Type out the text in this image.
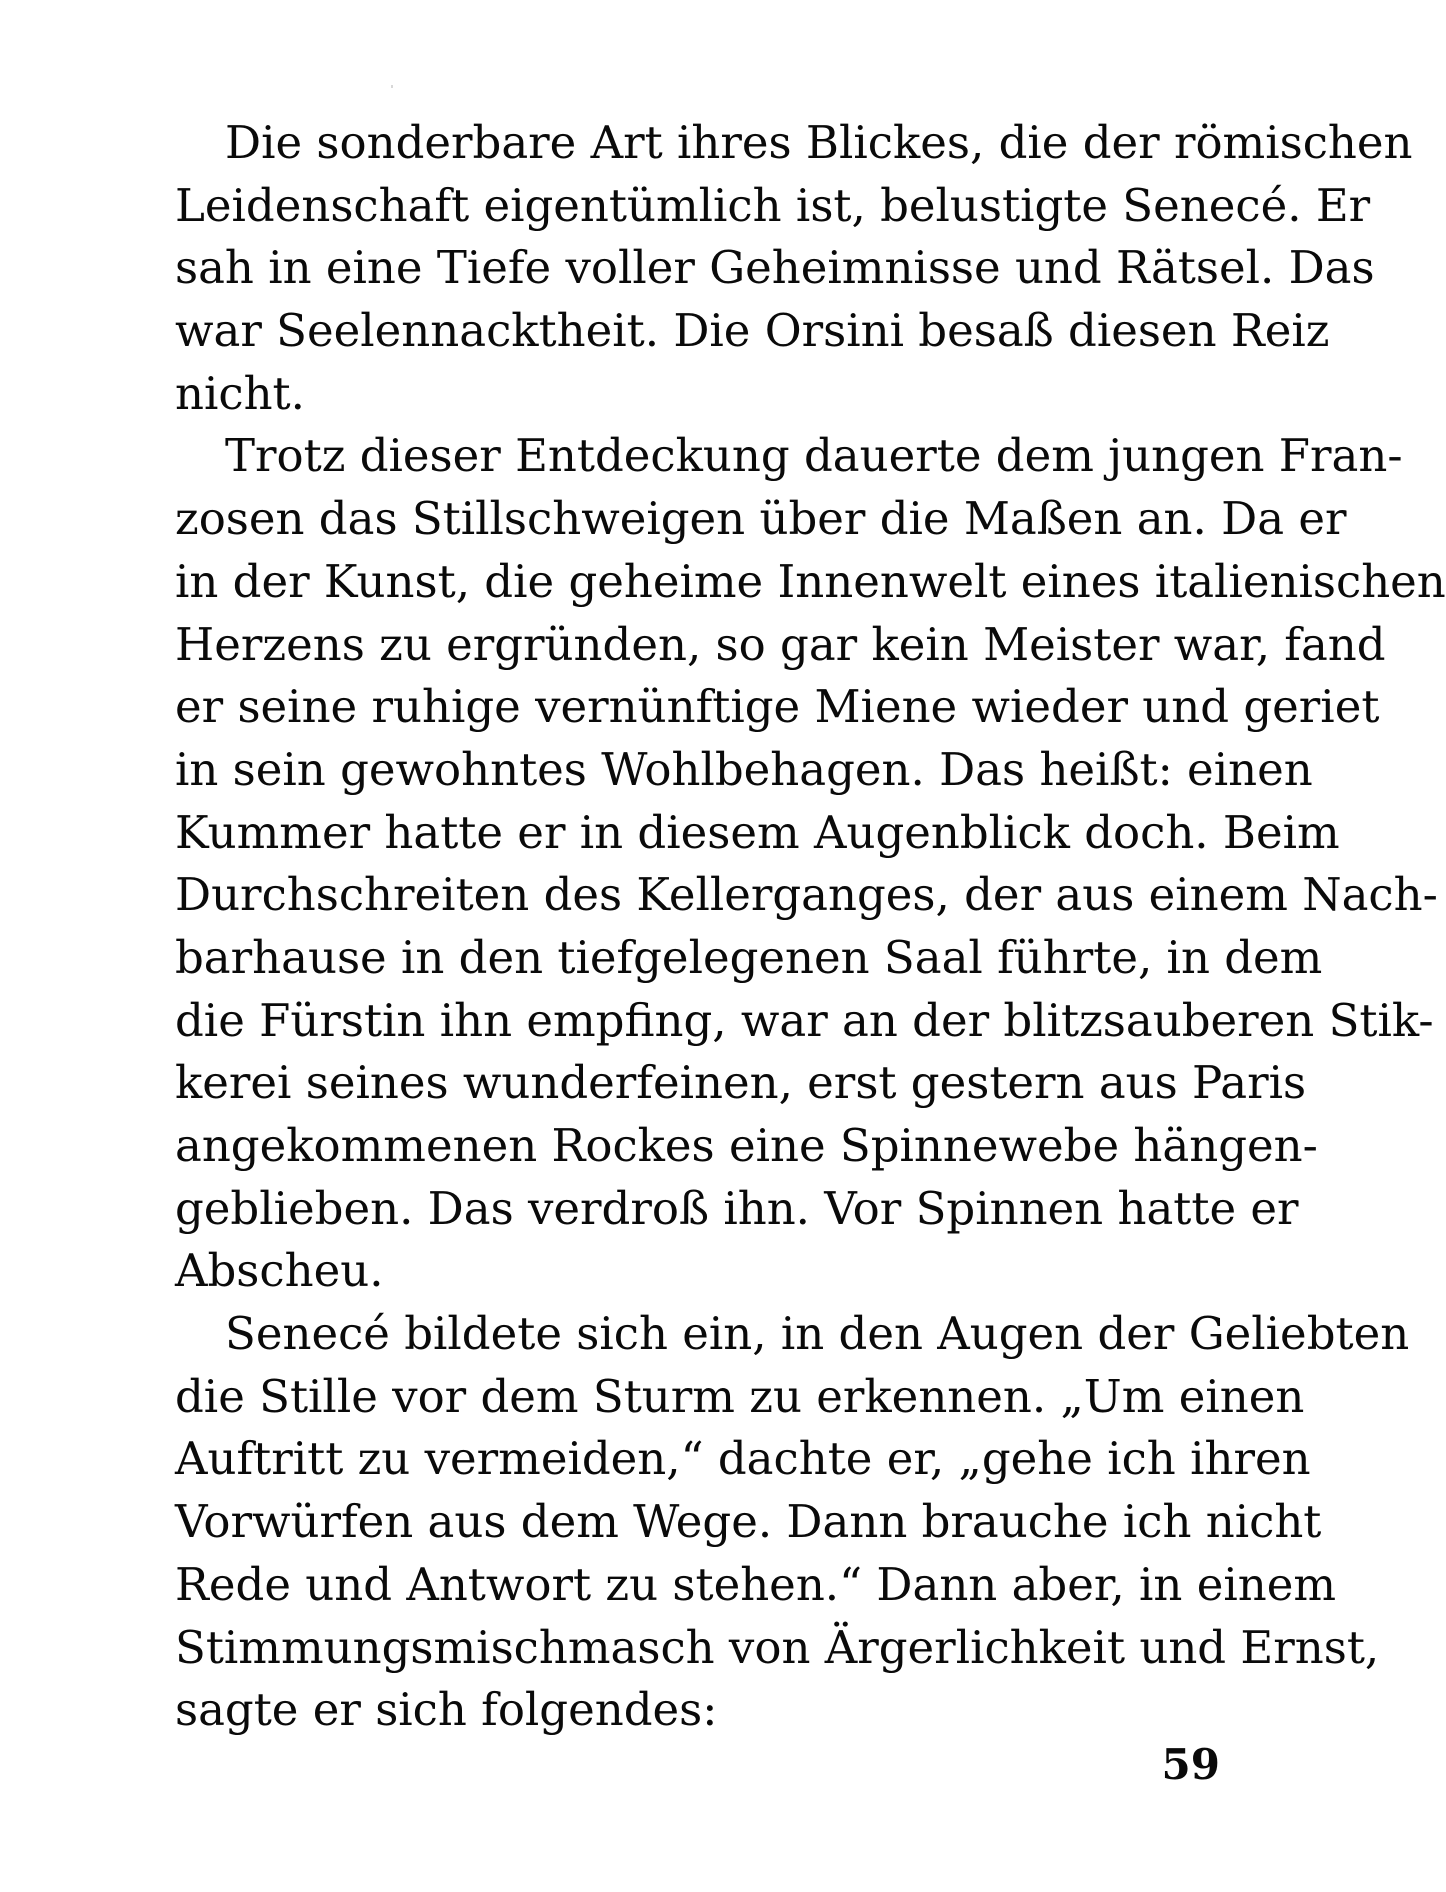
Die sonderbare Art ihres Blickes, die der römischen
Leidenschaft eigentümlich ist, belustigte Senecé. Er
sah in eine Tiefe voller Geheimnisse und Rätsel. Das
war Seelennacktheit. Die Orsini besaß diesen Reiz
nicht.
Trotz dieser Entdeckung dauerte dem jungen Fran-
zosen das Stillschweigen über die Maßen an. Da er
in der Kunst, die geheime Innenwelt eines italienischen
Herzens zu ergründen, so gar kein Meister war, fand
er seine ruhige vernünftige Miene wieder und geriet
in sein gewohntes Wohlbehagen. Das heißt: einen
Kummer hatte er in diesem Augenblick doch. Beim
Durchschreiten des Kellerganges, der aus einem Nach-
barhause in den tiefgelegenen Saal führte, in dem
die Fürstin ihn empfing, war an der blitzsauberen Stik-
kerei seines wunderfeinen, erst gestern aus Paris
angekommenen Rockes eine Spinnewebe hängen-
geblieben. Das verdroß ihn. Vor Spinnen hatte er
Abscheu.
Senecé bildete sich ein, in den Augen der Geliebten
die Stille vor dem Sturm zu erkennen. „Um einen
Auftritt zu vermeiden,“ dachte er, „gehe ich ihren
Vorwürfen aus dem Wege. Dann brauche ich nicht
Rede und Antwort zu stehen.“ Dann aber, in einem
Stimmungsmischmasch von Ärgerlichkeit und Ernst,
sagte er sich folgendes:
59
